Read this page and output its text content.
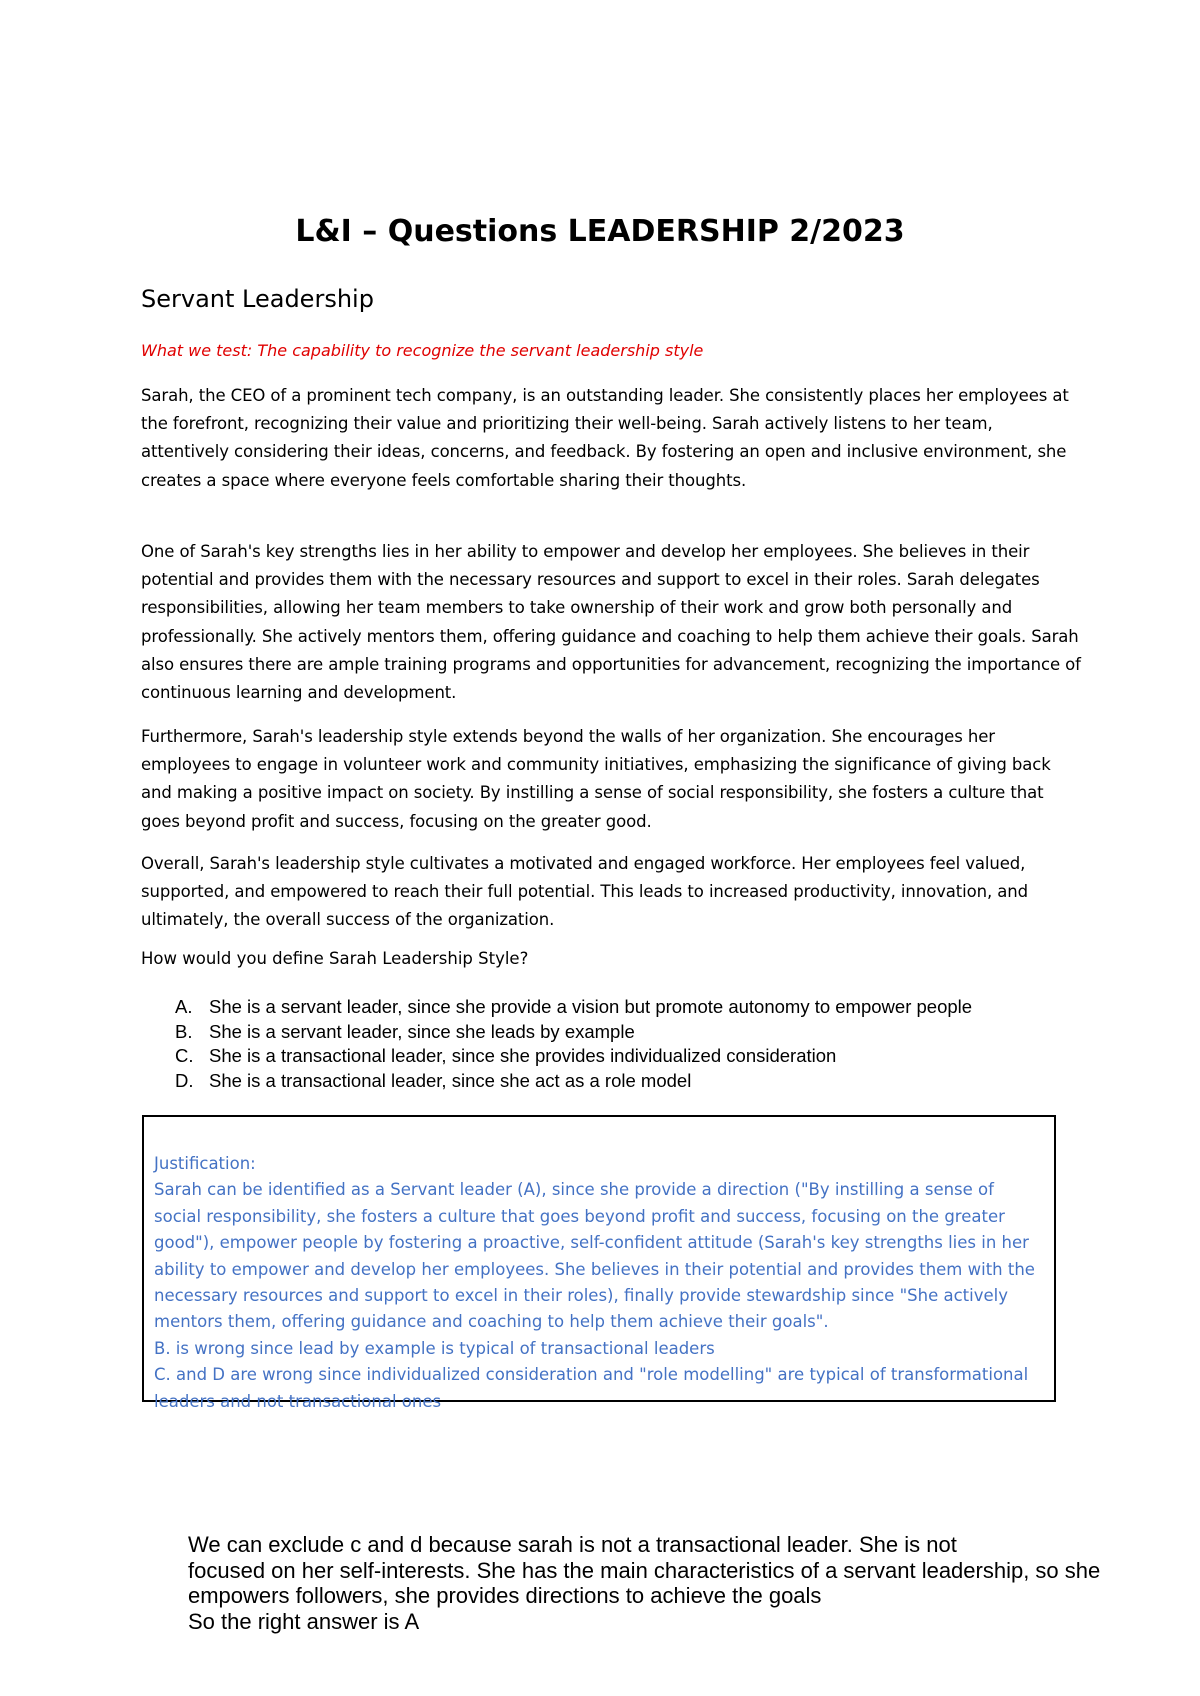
L&I – Questions LEADERSHIP 2/2023
Servant Leadership

What we test: The capability to recognize the servant leadership style

Sarah, the CEO of a prominent tech company, is an outstanding leader. She consistently places her employees at the forefront, recognizing their value and prioritizing their well-being. Sarah actively listens to her team, attentively considering their ideas, concerns, and feedback. By fostering an open and inclusive environment, she creates a space where everyone feels comfortable sharing their thoughts.

One of Sarah's key strengths lies in her ability to empower and develop her employees. She believes in their potential and provides them with the necessary resources and support to excel in their roles. Sarah delegates responsibilities, allowing her team members to take ownership of their work and grow both personally and professionally. She actively mentors them, offering guidance and coaching to help them achieve their goals. Sarah also ensures there are ample training programs and opportunities for advancement, recognizing the importance of continuous learning and development.

Furthermore, Sarah's leadership style extends beyond the walls of her organization. She encourages her employees to engage in volunteer work and community initiatives, emphasizing the significance of giving back and making a positive impact on society. By instilling a sense of social responsibility, she fosters a culture that goes beyond profit and success, focusing on the greater good.

Overall, Sarah's leadership style cultivates a motivated and engaged workforce. Her employees feel valued, supported, and empowered to reach their full potential. This leads to increased productivity, innovation, and ultimately, the overall success of the organization.

How would you define Sarah Leadership Style?

A. She is a servant leader, since she provide a vision but promote autonomy to empower people
B. She is a servant leader, since she leads by example
C. She is a transactional leader, since she provides individualized consideration
D. She is a transactional leader, since she act as a role model

Justification:

Sarah can be identified as a Servant leader (A), since she provide a direction ("By instilling a sense of social responsibility, she fosters a culture that goes beyond profit and success, focusing on the greater good"), empower people by fostering a proactive, self-confident attitude (Sarah's key strengths lies in her ability to empower and develop her employees. She believes in their potential and provides them with the necessary resources and support to excel in their roles), finally provide stewardship since "She actively mentors them, offering guidance and coaching to help them achieve their goals".

B. is wrong since lead by example is typical of transactional leaders

C. and D are wrong since individualized consideration and "role modelling" are typical of transformational leaders and not transactional ones

We can exclude c and d because sarah is not a transactional leader. She is not
focused on her self-interests. She has the main characteristics of a servant leadership, so she
empowers followers, she provides directions to achieve the goals
So the right answer is A
